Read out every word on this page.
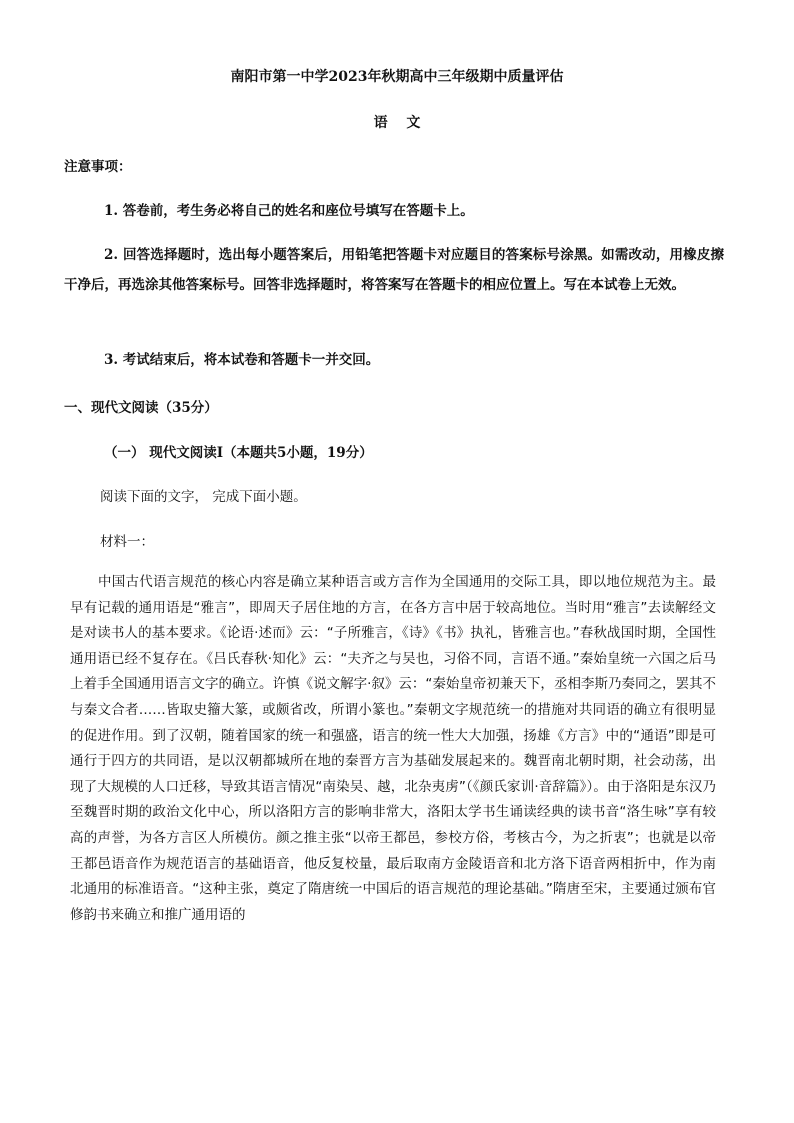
南阳市第一中学2023年秋期高中三年级期中质量评估
语 文
注意事项：
1. 答卷前，考生务必将自己的姓名和座位号填写在答题卡上。
2. 回答选择题时，选出每小题答案后，用铅笔把答题卡对应题目的答案标号涂黑。如需改动，用橡皮擦干净后，再选涂其他答案标号。回答非选择题时，将答案写在答题卡的相应位置上。写在本试卷上无效。
3. 考试结束后，将本试卷和答题卡一并交回。
一、现代文阅读（35分）
（一） 现代文阅读Ⅰ（本题共5小题，19分）
阅读下面的文字， 完成下面小题。
材料一：
中国古代语言规范的核心内容是确立某种语言或方言作为全国通用的交际工具，即以地位规范为主。最早有记载的通用语是“雅言”，即周天子居住地的方言，在各方言中居于较高地位。当时用“雅言”去读解经文是对读书人的基本要求。《论语·述而》云：“子所雅言，《诗》《书》执礼，皆雅言也。”春秋战国时期，全国性通用语已经不复存在。《吕氏春秋·知化》云：“夫齐之与吴也，习俗不同，言语不通。”秦始皇统一六国之后马上着手全国通用语言文字的确立。许慎《说文解字·叙》云：“秦始皇帝初兼天下，丞相李斯乃奏同之，罢其不与秦文合者……皆取史籀大篆，或颇省改，所谓小篆也。”秦朝文字规范统一的措施对共同语的确立有很明显的促进作用。到了汉朝，随着国家的统一和强盛，语言的统一性大大加强，扬雄《方言》中的“通语”即是可通行于四方的共同语，是以汉朝都城所在地的秦晋方言为基础发展起来的。魏晋南北朝时期，社会动荡，出现了大规模的人口迁移，导致其语言情况“南染吴、越，北杂夷虏”（《颜氏家训·音辞篇》）。由于洛阳是东汉乃至魏晋时期的政治文化中心，所以洛阳方言的影响非常大，洛阳太学书生诵读经典的读书音“洛生咏”享有较高的声誉，为各方言区人所模仿。颜之推主张“以帝王都邑，参校方俗，考核古今，为之折衷”；也就是以帝王都邑语音作为规范语言的基础语音，他反复校量，最后取南方金陵语音和北方洛下语音两相折中，作为南北通用的标准语音。“这种主张，奠定了隋唐统一中国后的语言规范的理论基础。”隋唐至宋，主要通过颁布官修韵书来确立和推广通用语的
